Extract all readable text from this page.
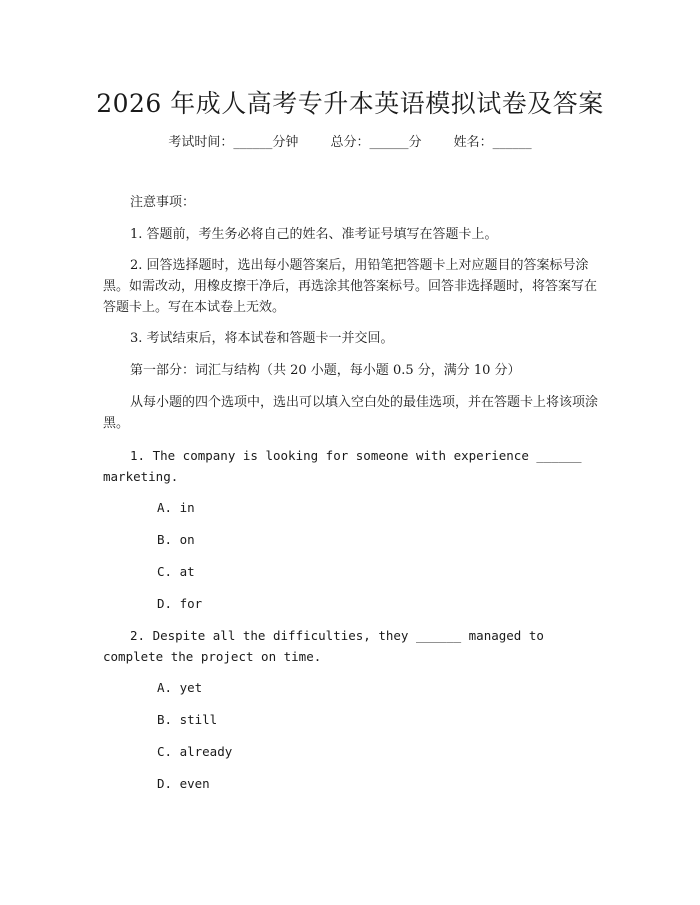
2026 年成人高考专升本英语模拟试卷及答案
考试时间：______分钟 总分：______分 姓名：______
注意事项：
1. 答题前，考生务必将自己的姓名、准考证号填写在答题卡上。
2. 回答选择题时，选出每小题答案后，用铅笔把答题卡上对应题目的答案标号涂黑。如需改动，用橡皮擦干净后，再选涂其他答案标号。回答非选择题时，将答案写在答题卡上。写在本试卷上无效。
3. 考试结束后，将本试卷和答题卡一并交回。
第一部分：词汇与结构（共 20 小题，每小题 0.5 分，满分 10 分）
从每小题的四个选项中，选出可以填入空白处的最佳选项，并在答题卡上将该项涂黑。
1. The company is looking for someone with experience ______ marketing.
A. in
B. on
C. at
D. for
2. Despite all the difficulties, they ______ managed to complete the project on time.
A. yet
B. still
C. already
D. even
